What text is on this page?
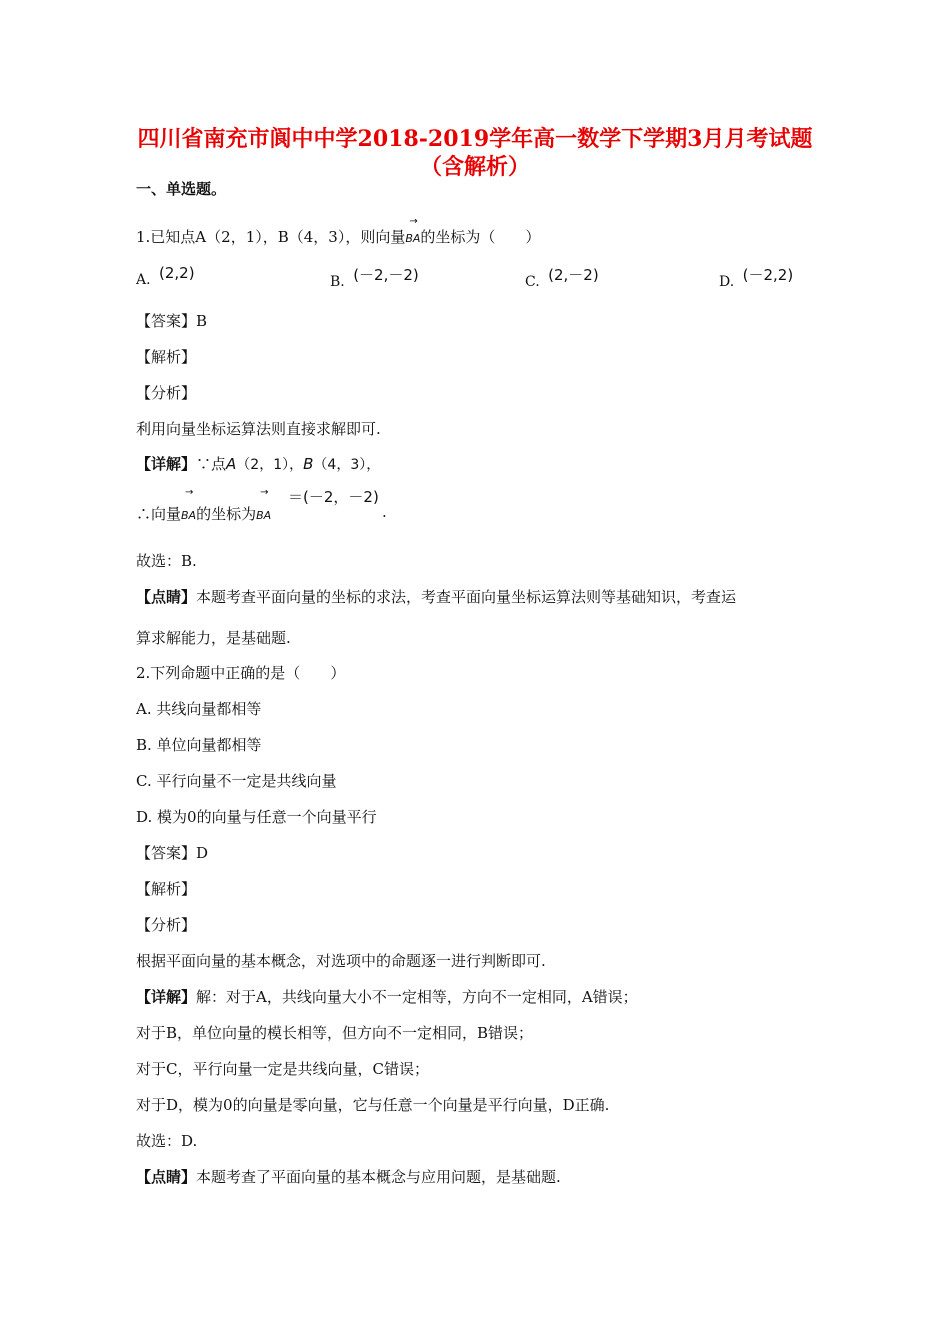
四川省南充市阆中中学2018-2019学年高一数学下学期3月月考试题
（含解析）
一、单选题。
1.已知点A（2，1），B（4，3），则向量
→
BA的坐标为（　　）
A. (2,2)	B. (－2,－2)	C. (2,－2)	D. (－2,2)
【答案】B
【解析】
【分析】
利用向量坐标运算法则直接求解即可.
【详解】∵点A（2，1），B（4，3），
∴向量
→
BA的坐标为
→
BA
＝(－2，－2)
.
故选：B.
【点睛】本题考查平面向量的坐标的求法，考查平面向量坐标运算法则等基础知识，考查运
算求解能力，是基础题.
2.下列命题中正确的是（　　）
A. 共线向量都相等
B. 单位向量都相等
C. 平行向量不一定是共线向量
D. 模为0的向量与任意一个向量平行
【答案】D
【解析】
【分析】
根据平面向量的基本概念，对选项中的命题逐一进行判断即可.
【详解】解：对于A，共线向量大小不一定相等，方向不一定相同，A错误；
对于B，单位向量的模长相等，但方向不一定相同，B错误；
对于C，平行向量一定是共线向量，C错误；
对于D，模为0的向量是零向量，它与任意一个向量是平行向量，D正确.
故选：D.
【点睛】本题考查了平面向量的基本概念与应用问题，是基础题.
